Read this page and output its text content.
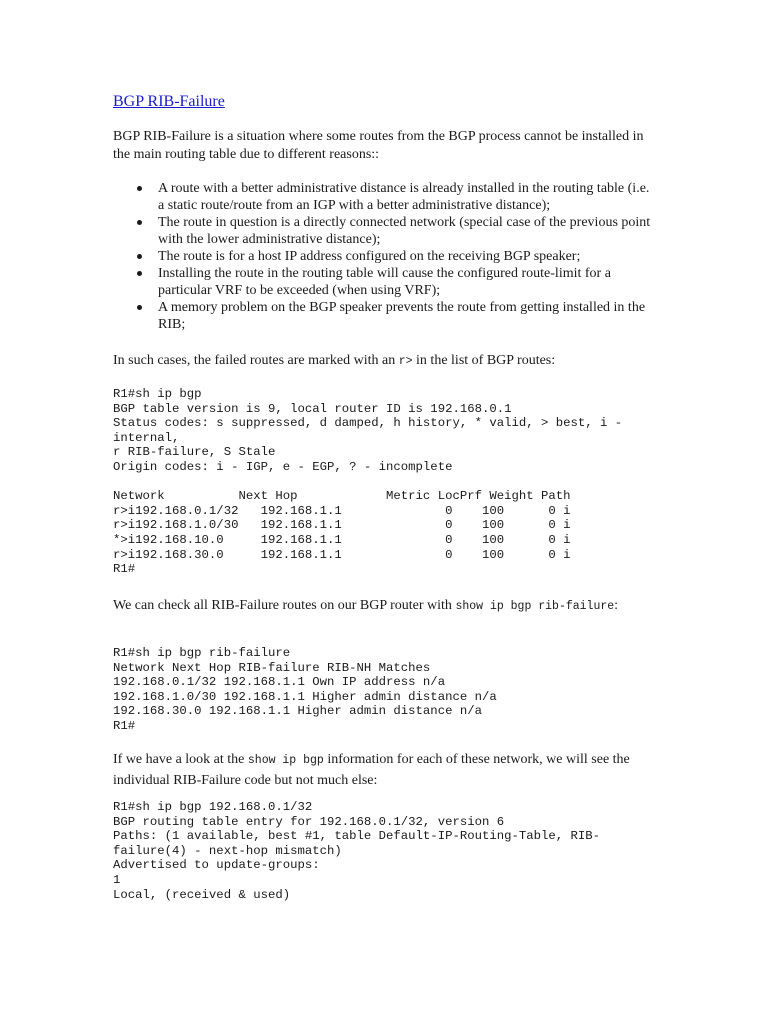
BGP RIB-Failure
BGP RIB-Failure is a situation where some routes from the BGP process cannot be installed in the main routing table due to different reasons::
A route with a better administrative distance is already installed in the routing table (i.e. a static route/route from an IGP with a better administrative distance);
The route in question is a directly connected network (special case of the previous point with the lower administrative distance);
The route is for a host IP address configured on the receiving BGP speaker;
Installing the route in the routing table will cause the configured route-limit for a particular VRF to be exceeded (when using VRF);
A memory problem on the BGP speaker prevents the route from getting installed in the RIB;
In such cases, the failed routes are marked with an r> in the list of BGP routes:
R1#sh ip bgp
BGP table version is 9, local router ID is 192.168.0.1
Status codes: s suppressed, d damped, h history, * valid, > best, i -
internal,
r RIB-failure, S Stale
Origin codes: i - IGP, e - EGP, ? - incomplete

Network          Next Hop            Metric LocPrf Weight Path
r>i192.168.0.1/32   192.168.1.1              0    100      0 i
r>i192.168.1.0/30   192.168.1.1              0    100      0 i
*>i192.168.10.0     192.168.1.1              0    100      0 i
r>i192.168.30.0     192.168.1.1              0    100      0 i
R1#
We can check all RIB-Failure routes on our BGP router with show ip bgp rib-failure:
R1#sh ip bgp rib-failure
Network Next Hop RIB-failure RIB-NH Matches
192.168.0.1/32 192.168.1.1 Own IP address n/a
192.168.1.0/30 192.168.1.1 Higher admin distance n/a
192.168.30.0 192.168.1.1 Higher admin distance n/a
R1#
If we have a look at the show ip bgp information for each of these network, we will see the individual RIB-Failure code but not much else:
R1#sh ip bgp 192.168.0.1/32
BGP routing table entry for 192.168.0.1/32, version 6
Paths: (1 available, best #1, table Default-IP-Routing-Table, RIB-
failure(4) - next-hop mismatch)
Advertised to update-groups:
1
Local, (received & used)
